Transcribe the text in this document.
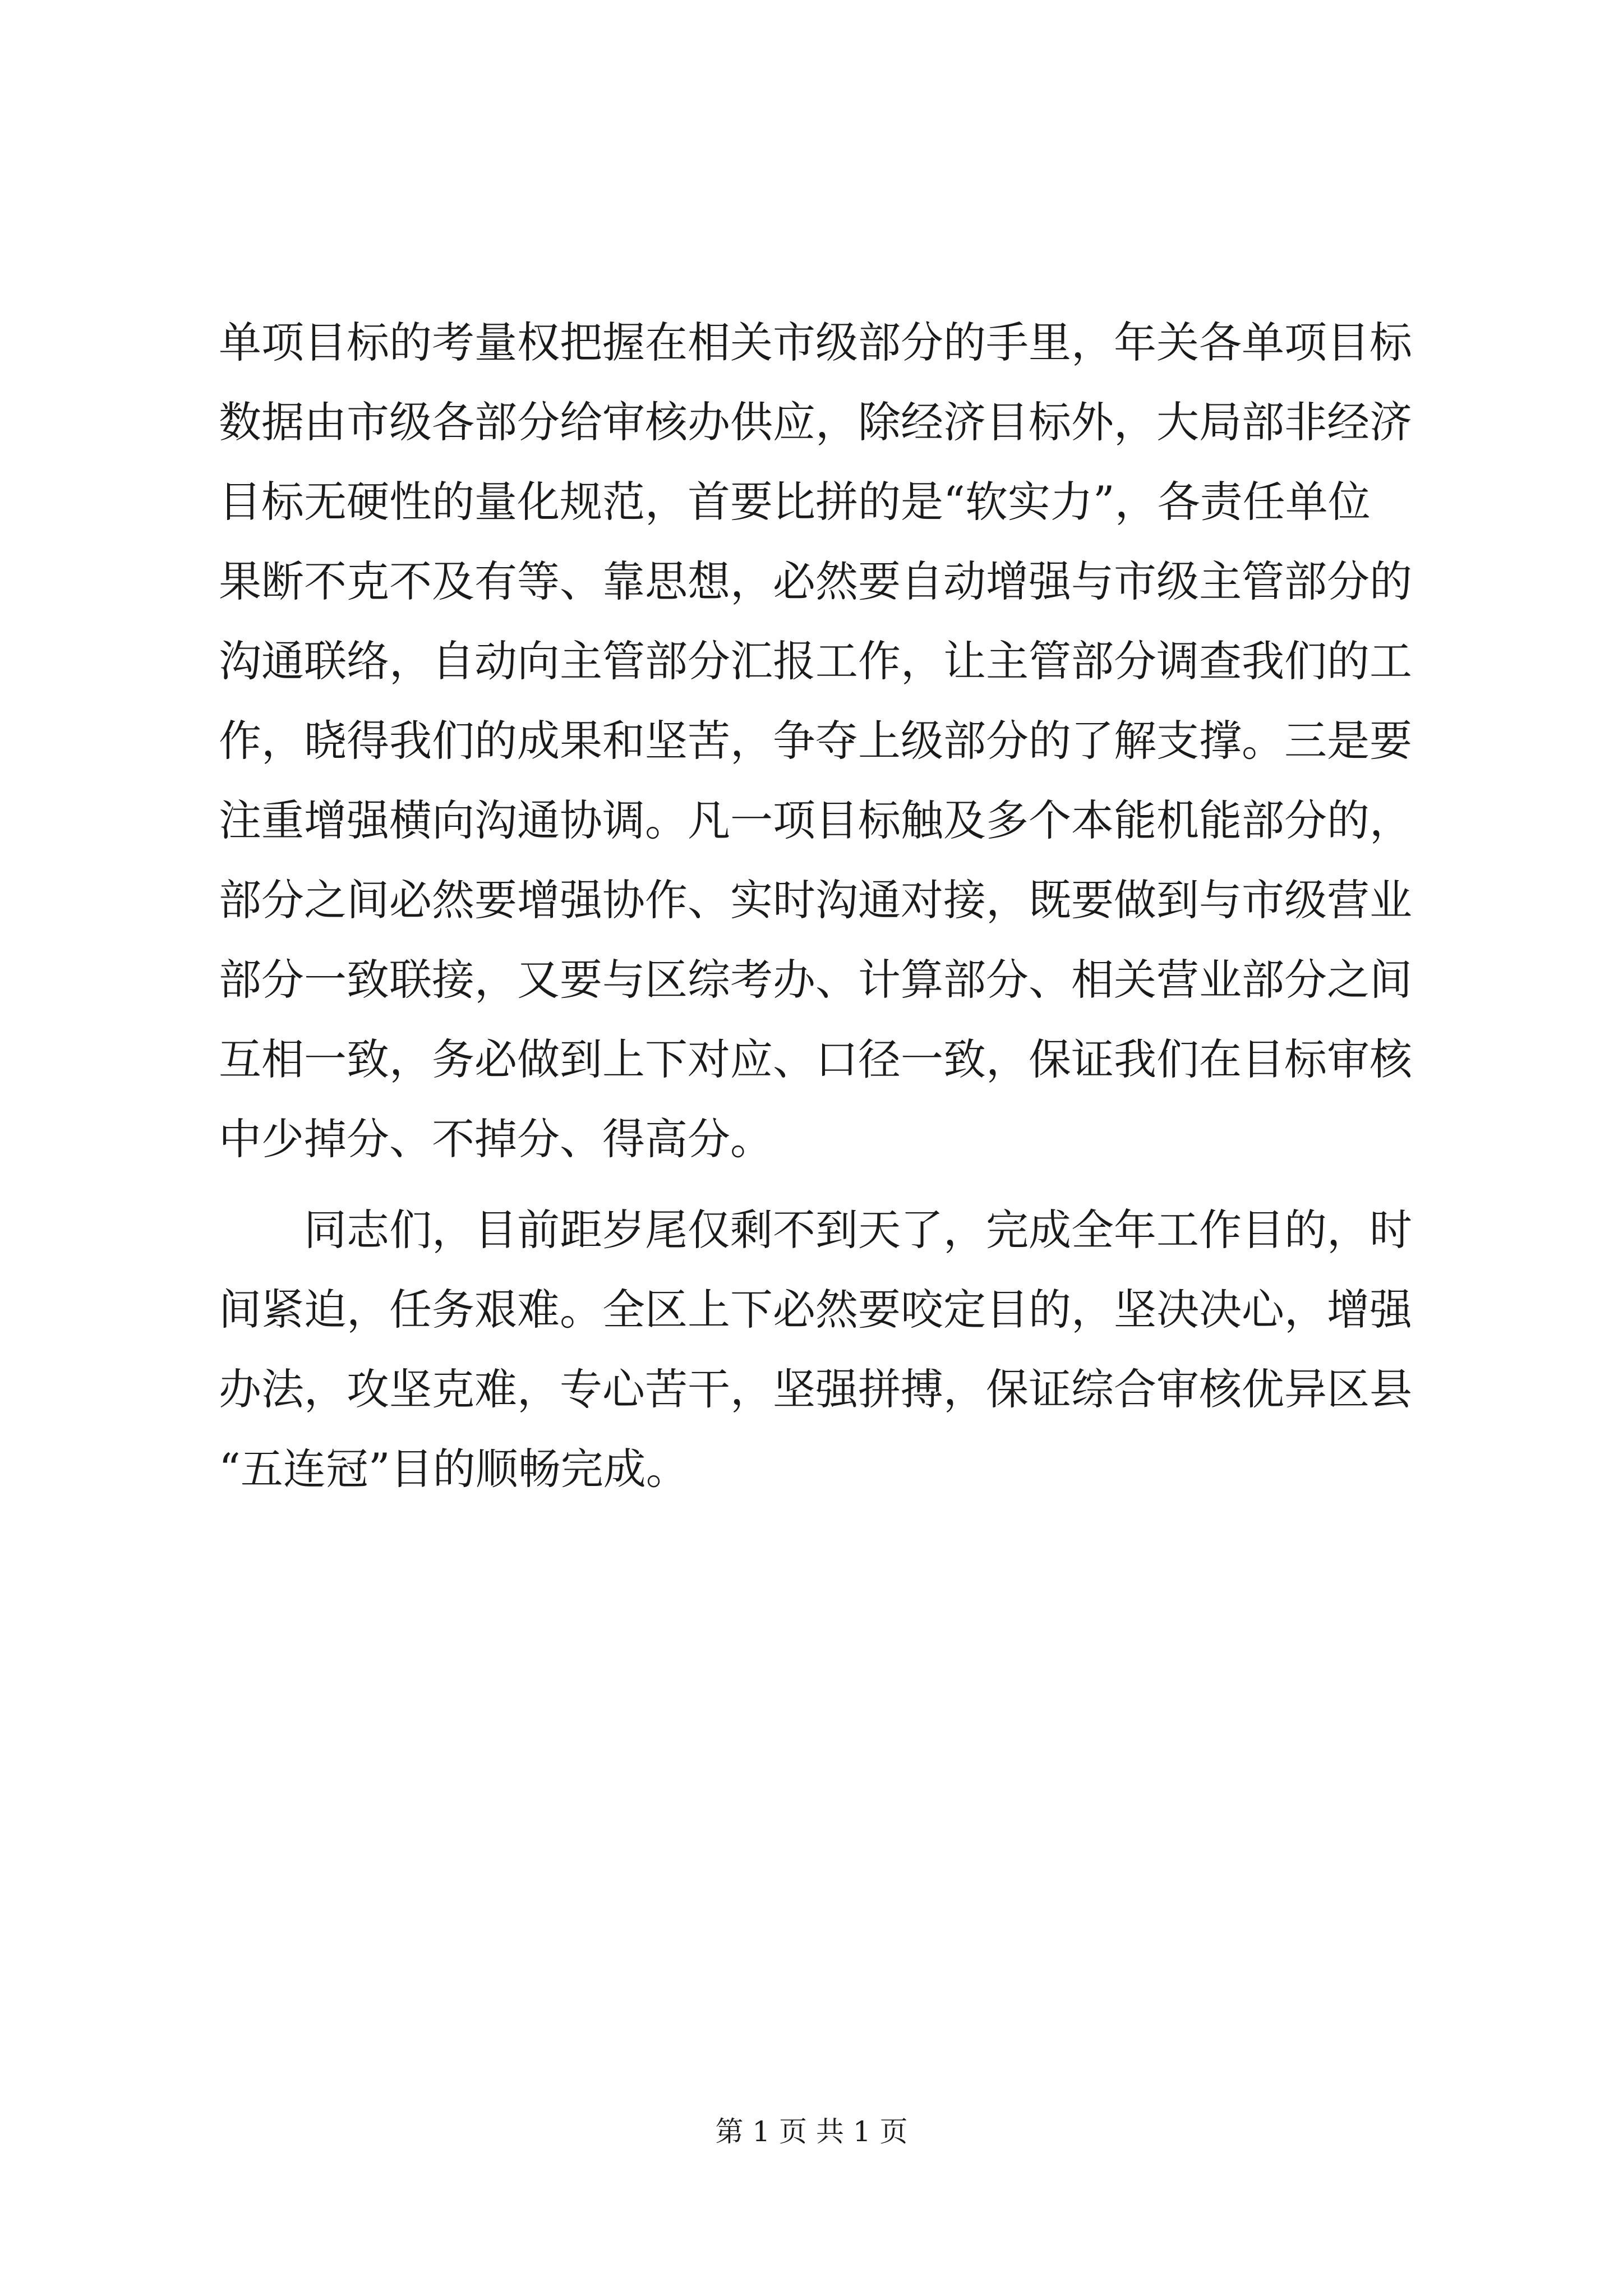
单项目标的考量权把握在相关市级部分的手里，年关各单项目标
数据由市级各部分给审核办供应，除经济目标外，大局部非经济
目标无硬性的量化规范，首要比拼的是“软实力”，各责任单位
果断不克不及有等、靠思想，必然要自动增强与市级主管部分的
沟通联络，自动向主管部分汇报工作，让主管部分调查我们的工
作，晓得我们的成果和坚苦，争夺上级部分的了解支撑。三是要
注重增强横向沟通协调。凡一项目标触及多个本能机能部分的，
部分之间必然要增强协作、实时沟通对接，既要做到与市级营业
部分一致联接，又要与区综考办、计算部分、相关营业部分之间
互相一致，务必做到上下对应、口径一致，保证我们在目标审核
中少掉分、不掉分、得高分。
　　同志们，目前距岁尾仅剩不到天了，完成全年工作目的，时
间紧迫，任务艰难。全区上下必然要咬定目的，坚决决心，增强
办法，攻坚克难，专心苦干，坚强拼搏，保证综合审核优异区县
“五连冠”目的顺畅完成。
第 1 页 共 1 页
